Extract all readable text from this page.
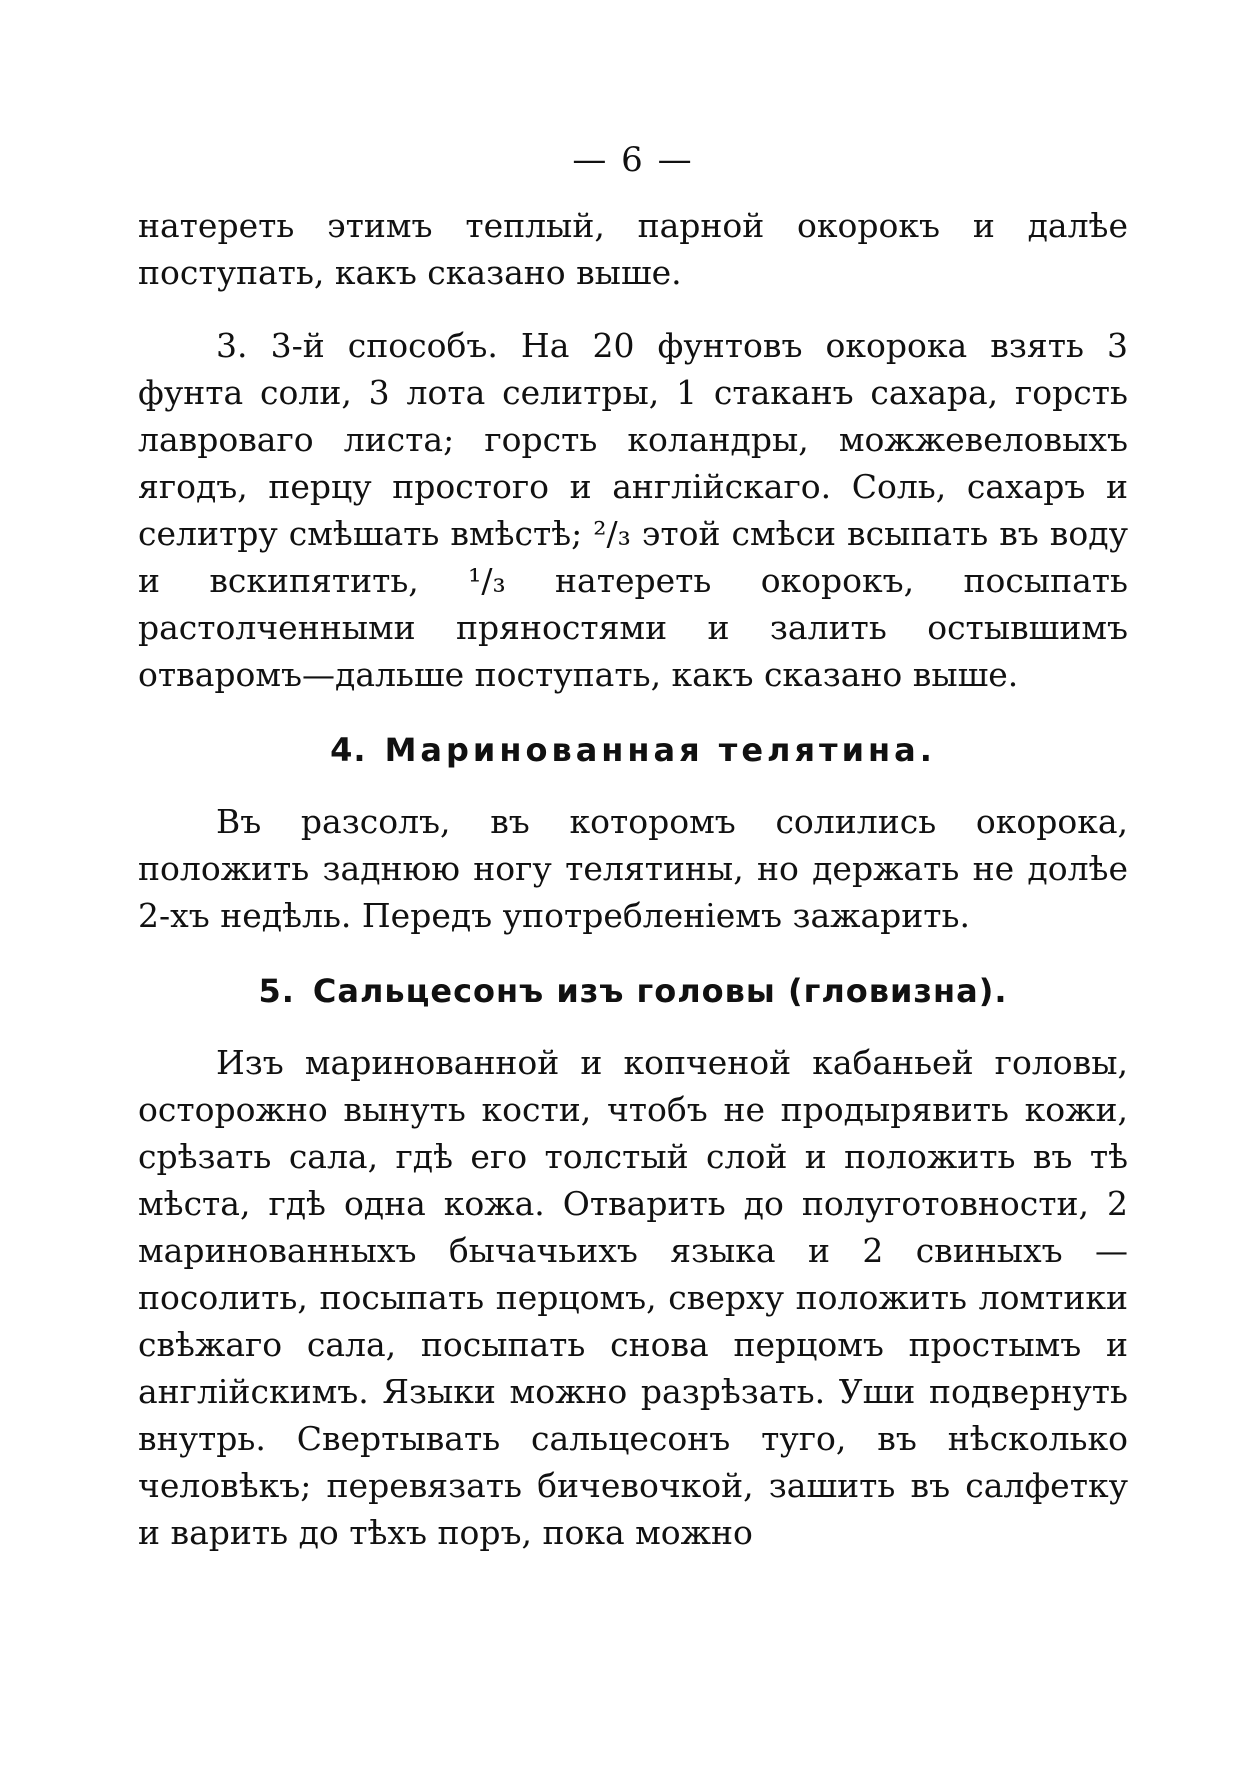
— 6 —

натереть этимъ теплый, парной окорокъ и далѣе поступать, какъ сказано выше.

3. 3-й способъ. На 20 фунтовъ окорока взять 3 фунта соли, 3 лота селитры, 1 стаканъ сахара, горсть лавроваго листа; горсть коландры, можжевеловыхъ ягодъ, перцу простого и англійскаго. Соль, сахаръ и селитру смѣшать вмѣстѣ; ²/₃ этой смѣси всыпать въ воду и вскипятить, ¹/₃ натереть окорокъ, посыпать растолченными пряностями и залить остывшимъ отваромъ—дальше поступать, какъ сказано выше.

4. Маринованная телятина.

Въ разсолъ, въ которомъ солились окорока, положить заднюю ногу телятины, но держать не долѣе 2-хъ недѣль. Передъ употребленіемъ зажарить.

5. Сальцесонъ изъ головы (гловизна).

Изъ маринованной и копченой кабаньей головы, осторожно вынуть кости, чтобъ не продырявить кожи, срѣзать сала, гдѣ его толстый слой и положить въ тѣ мѣста, гдѣ одна кожа. Отварить до полуготовности, 2 маринованныхъ бычачьихъ языка и 2 свиныхъ —посолить, посыпать перцомъ, сверху положить ломтики свѣжаго сала, посыпать снова перцомъ простымъ и англійскимъ. Языки можно разрѣзать. Уши подвернуть внутрь. Свертывать сальцесонъ туго, въ нѣсколько человѣкъ; перевязать бичевочкой, зашить въ салфетку и варить до тѣхъ поръ, пока можно
